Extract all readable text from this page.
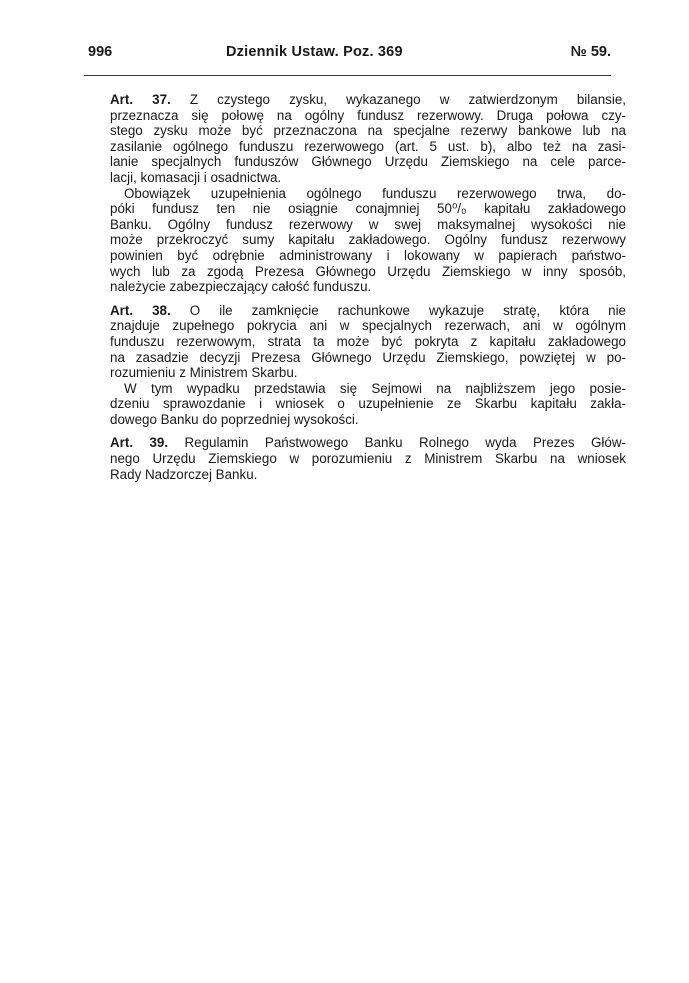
996	Dziennik Ustaw. Poz. 369	№ 59.
Art. 37. Z czystego zysku, wykazanego w zatwierdzonym bilansie,
przeznacza się połowę na ogólny fundusz rezerwowy. Druga połowa czy-
stego zysku może być przeznaczona na specjalne rezerwy bankowe lub na
zasilanie ogólnego funduszu rezerwowego (art. 5 ust. b), albo też na zasi-
lanie specjalnych funduszów Głównego Urzędu Ziemskiego na cele parce-
lacji, komasacji i osadnictwa.
Obowiązek uzupełnienia ogólnego funduszu rezerwowego trwa, do-
póki fundusz ten nie osiągnie conajmniej 50⁰/₀ kapitału zakładowego
Banku. Ogólny fundusz rezerwowy w swej maksymalnej wysokości nie
może przekroczyć sumy kapitału zakładowego. Ogólny fundusz rezerwowy
powinien być odrębnie administrowany i lokowany w papierach państwo-
wych lub za zgodą Prezesa Głównego Urzędu Ziemskiego w inny sposób,
należycie zabezpieczający całość funduszu.
Art. 38. O ile zamknięcie rachunkowe wykazuje stratę, która nie
znajduje zupełnego pokrycia ani w specjalnych rezerwach, ani w ogólnym
funduszu rezerwowym, strata ta może być pokryta z kapitału zakładowego
na zasadzie decyzji Prezesa Głównego Urzędu Ziemskiego, powziętej w po-
rozumieniu z Ministrem Skarbu.
W tym wypadku przedstawia się Sejmowi na najbliższem jego posie-
dzeniu sprawozdanie i wniosek o uzupełnienie ze Skarbu kapitału zakła-
dowego Banku do poprzedniej wysokości.
Art. 39. Regulamin Państwowego Banku Rolnego wyda Prezes Głów-
nego Urzędu Ziemskiego w porozumieniu z Ministrem Skarbu na wniosek
Rady Nadzorczej Banku.
